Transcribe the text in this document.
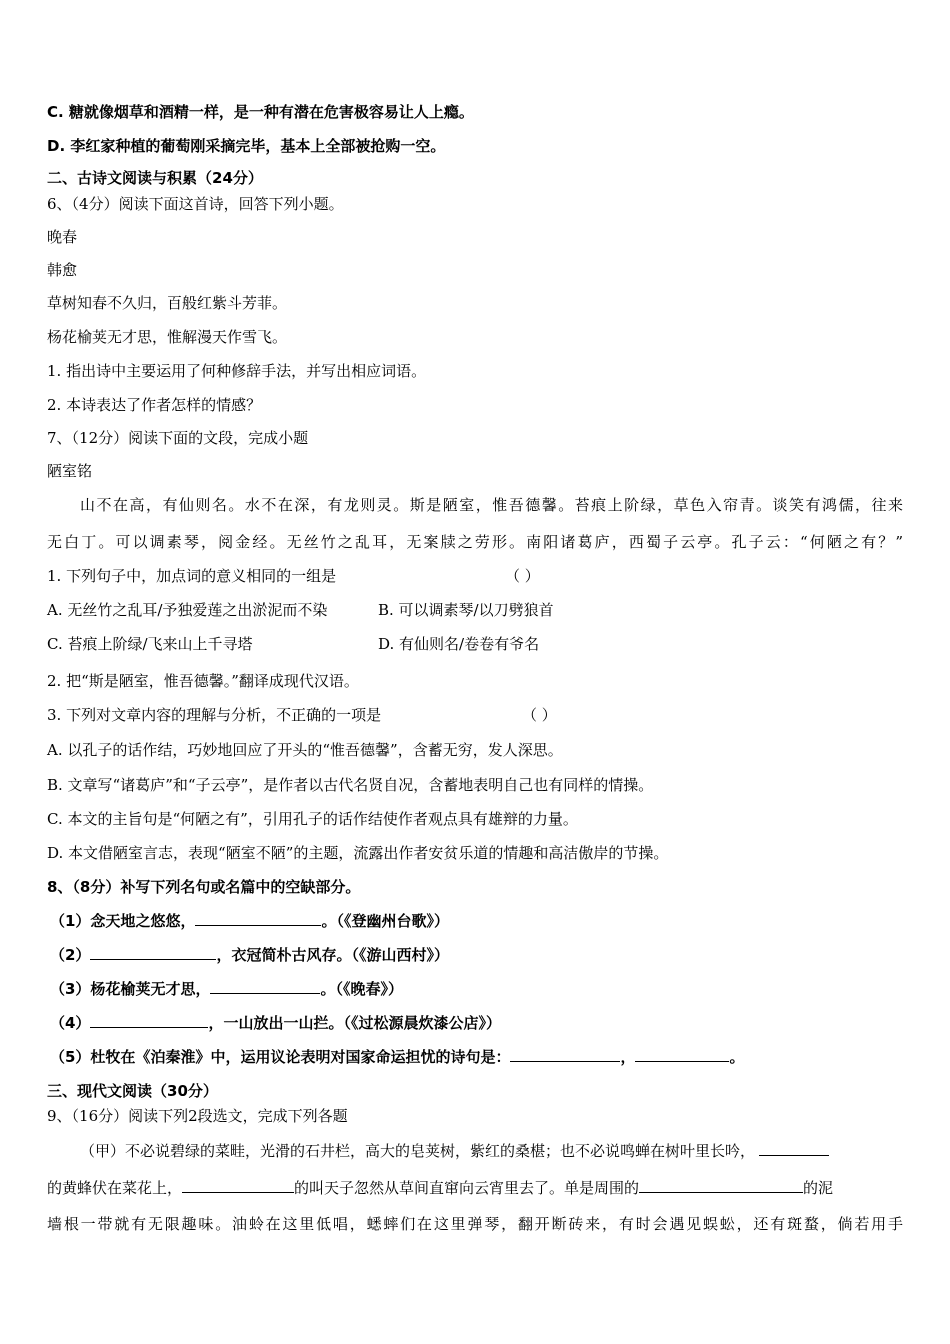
C. 糖就像烟草和酒精一样，是一种有潜在危害极容易让人上瘾。
D. 李红家种植的葡萄刚采摘完毕，基本上全部被抢购一空。
二、古诗文阅读与积累（24分）
6、（4分）阅读下面这首诗，回答下列小题。
晚春
韩愈
草树知春不久归，百般红紫斗芳菲。
杨花榆荚无才思，惟解漫天作雪飞。
1. 指出诗中主要运用了何种修辞手法，并写出相应词语。
2. 本诗表达了作者怎样的情感？
7、（12分）阅读下面的文段，完成小题
陋室铭
山不在高，有仙则名。水不在深，有龙则灵。斯是陋室，惟吾德馨。苔痕上阶绿，草色入帘青。谈笑有鸿儒，往来
无白丁。可以调素琴，阅金经。无丝竹之乱耳，无案牍之劳形。南阳诸葛庐，西蜀子云亭。孔子云：“何陋之有？”
1. 下列句子中，加点词的意义相同的一组是	（ ）
A. 无丝竹之乱耳/予独爱莲之出淤泥而不染	B. 可以调素琴/以刀劈狼首
C. 苔痕上阶绿/飞来山上千寻塔	D. 有仙则名/卷卷有爷名
2. 把“斯是陋室，惟吾德馨。”翻译成现代汉语。
3. 下列对文章内容的理解与分析，不正确的一项是	（ ）
A. 以孔子的话作结，巧妙地回应了开头的“惟吾德馨”，含蓄无穷，发人深思。
B. 文章写“诸葛庐”和“子云亭”，是作者以古代名贤自况，含蓄地表明自己也有同样的情操。
C. 本文的主旨句是“何陋之有”，引用孔子的话作结使作者观点具有雄辩的力量。
D. 本文借陋室言志，表现“陋室不陋”的主题，流露出作者安贫乐道的情趣和高洁傲岸的节操。
8、（8分）补写下列名句或名篇中的空缺部分。
（1）念天地之悠悠，	。（《登幽州台歌》）
（2）	，衣冠简朴古风存。（《游山西村》）
（3）杨花榆荚无才思，	。（《晚春》）
（4）	，一山放出一山拦。（《过松源晨炊漆公店》）
（5）杜牧在《泊秦淮》中，运用议论表明对国家命运担忧的诗句是：	，	。
三、现代文阅读（30分）
9、（16分）阅读下列2段选文，完成下列各题
（甲）不必说碧绿的菜畦，光滑的石井栏，高大的皂荚树，紫红的桑椹；也不必说鸣蝉在树叶里长吟，
的黄蜂伏在菜花上，	的叫天子忽然从草间直窜向云宵里去了。单是周围的	的泥
墙根一带就有无限趣味。油蛉在这里低唱，蟋蟀们在这里弹琴，翻开断砖来，有时会遇见蜈蚣，还有斑蝥，倘若用手
